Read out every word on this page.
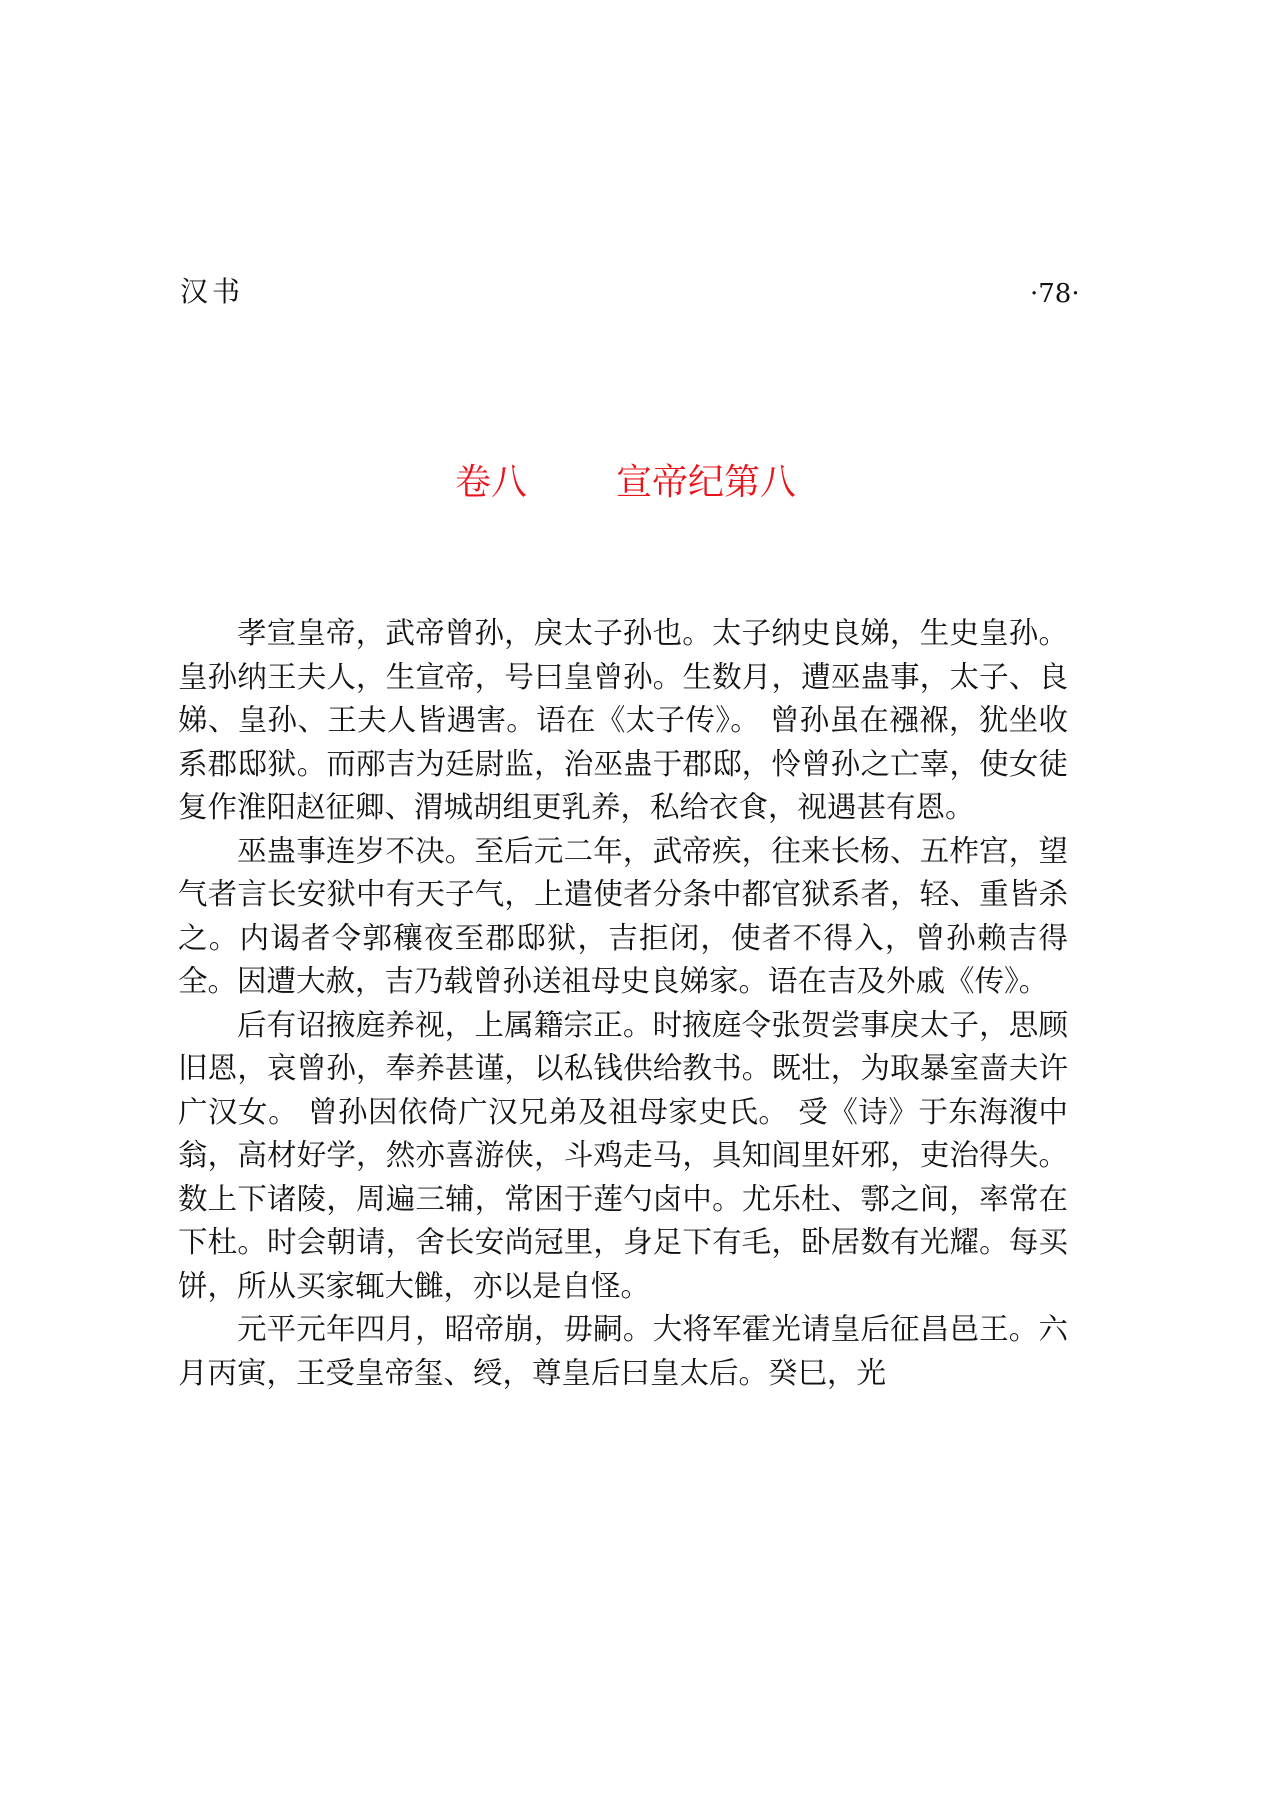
汉书	·78·
卷八 宣帝纪第八

孝宣皇帝，武帝曾孙，戾太子孙也。太子纳史良娣，生史皇孙。皇孙纳王夫人，生宣帝，号曰皇曾孙。生数月，遭巫蛊事，太子、良娣、皇孙、王夫人皆遇害。语在《太子传》。 曾孙虽在襁褓，犹坐收系郡邸狱。而邴吉为廷尉监，治巫蛊于郡邸，怜曾孙之亡辜，使女徒复作淮阳赵征卿、渭城胡组更乳养，私给衣食，视遇甚有恩。

巫蛊事连岁不决。至后元二年，武帝疾，往来长杨、五柞宫，望气者言长安狱中有天子气，上遣使者分条中都官狱系者，轻、重皆杀之。内谒者令郭穰夜至郡邸狱，吉拒闭，使者不得入，曾孙赖吉得全。因遭大赦，吉乃载曾孙送祖母史良娣家。语在吉及外戚《传》。

后有诏掖庭养视，上属籍宗正。时掖庭令张贺尝事戾太子，思顾旧恩，哀曾孙，奉养甚谨，以私钱供给教书。既壮，为取暴室啬夫许广汉女。 曾孙因依倚广汉兄弟及祖母家史氏。 受《诗》于东海澓中翁，高材好学，然亦喜游侠，斗鸡走马，具知闾里奸邪，吏治得失。数上下诸陵，周遍三辅，常困于莲勺卤中。尤乐杜、鄠之间，率常在下杜。时会朝请，舍长安尚冠里，身足下有毛，卧居数有光耀。每买饼，所从买家辄大雠，亦以是自怪。

元平元年四月，昭帝崩，毋嗣。大将军霍光请皇后征昌邑王。六月丙寅，王受皇帝玺、绶，尊皇后曰皇太后。癸巳，光
